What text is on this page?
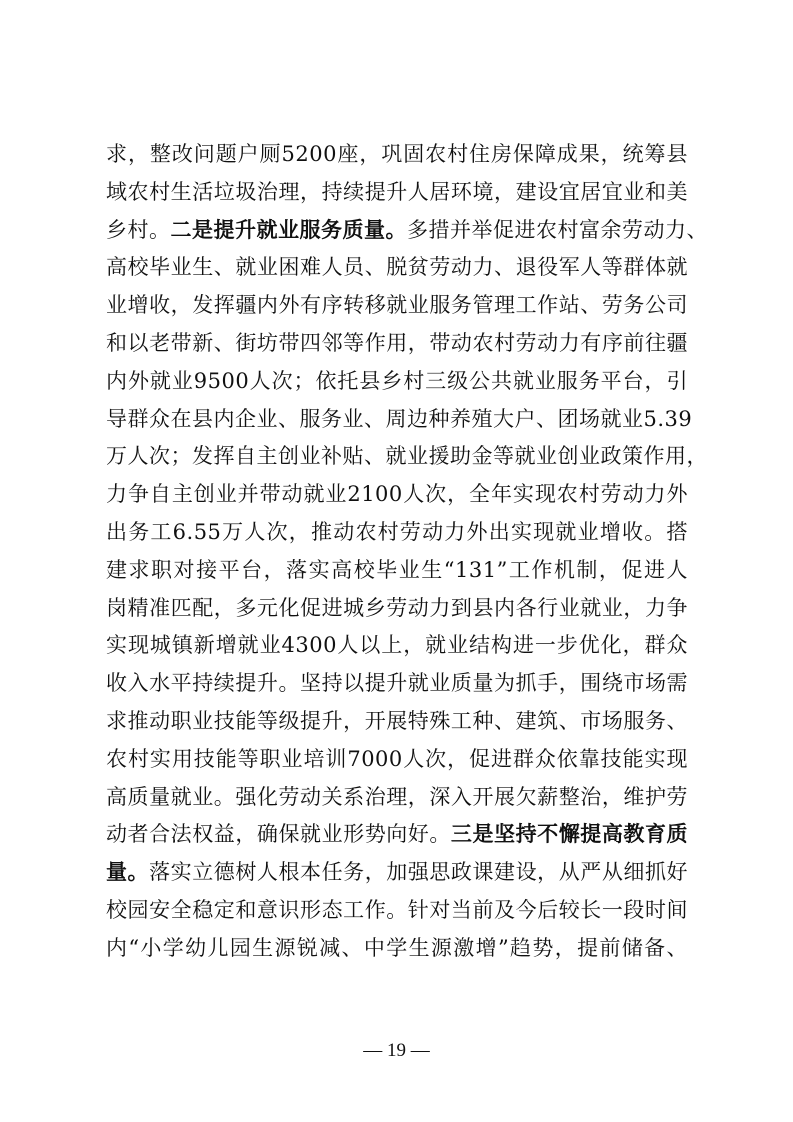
求，整改问题户厕5200座，巩固农村住房保障成果，统筹县
域农村生活垃圾治理，持续提升人居环境，建设宜居宜业和美
乡村。二是提升就业服务质量。多措并举促进农村富余劳动力、
高校毕业生、就业困难人员、脱贫劳动力、退役军人等群体就
业增收，发挥疆内外有序转移就业服务管理工作站、劳务公司
和以老带新、街坊带四邻等作用，带动农村劳动力有序前往疆
内外就业9500人次；依托县乡村三级公共就业服务平台，引
导群众在县内企业、服务业、周边种养殖大户、团场就业5.39
万人次；发挥自主创业补贴、就业援助金等就业创业政策作用，
力争自主创业并带动就业2100人次，全年实现农村劳动力外
出务工6.55万人次，推动农村劳动力外出实现就业增收。搭
建求职对接平台，落实高校毕业生“131”工作机制，促进人
岗精准匹配，多元化促进城乡劳动力到县内各行业就业，力争
实现城镇新增就业4300人以上，就业结构进一步优化，群众
收入水平持续提升。坚持以提升就业质量为抓手，围绕市场需
求推动职业技能等级提升，开展特殊工种、建筑、市场服务、
农村实用技能等职业培训7000人次，促进群众依靠技能实现
高质量就业。强化劳动关系治理，深入开展欠薪整治，维护劳
动者合法权益，确保就业形势向好。三是坚持不懈提高教育质
量。落实立德树人根本任务，加强思政课建设，从严从细抓好
校园安全稳定和意识形态工作。针对当前及今后较长一段时间
内“小学幼儿园生源锐减、中学生源激增”趋势，提前储备、
— 19 —
